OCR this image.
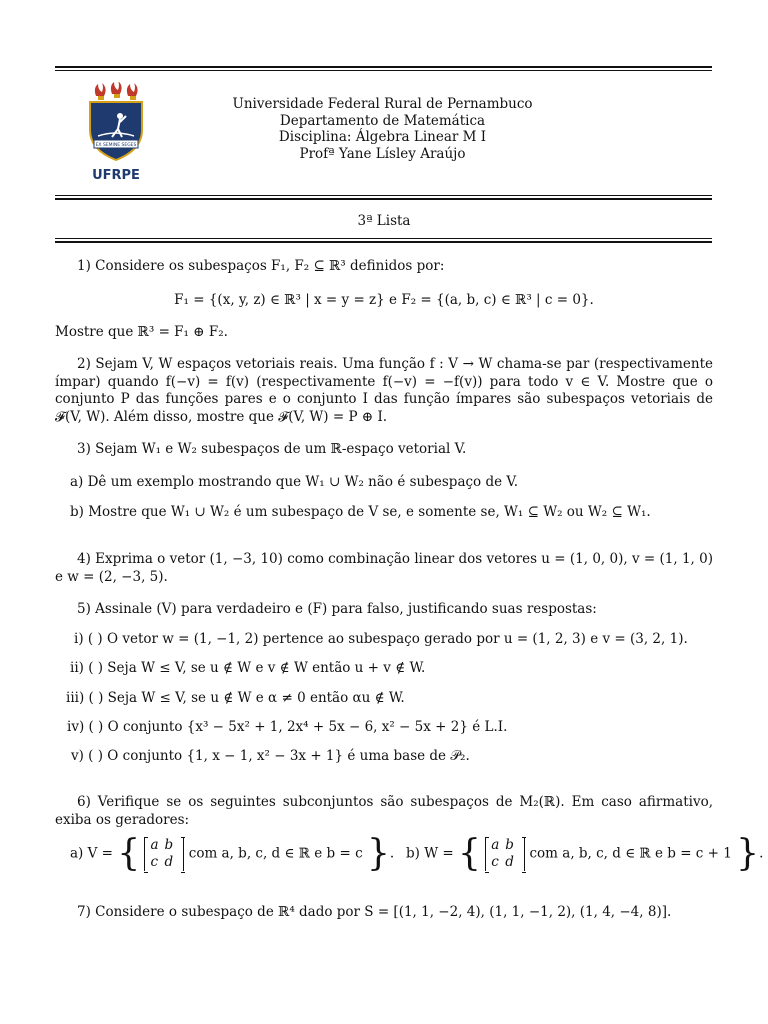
EX SEMINE SEGES
UFRPE
Universidade Federal Rural de Pernambuco
Departamento de Matemática
Disciplina: Álgebra Linear M I
Profª Yane Lísley Araújo
3ª Lista
1) Considere os subespaços F₁, F₂ ⊆ ℝ³ definidos por:
F₁ = {(x, y, z) ∈ ℝ³ | x = y = z} e F₂ = {(a, b, c) ∈ ℝ³ | c = 0}.
Mostre que ℝ³ = F₁ ⊕ F₂.
2) Sejam V, W espaços vetoriais reais. Uma função f : V → W chama-se par (respectivamente ímpar) quando f(−v) = f(v) (respectivamente f(−v) = −f(v)) para todo v ∈ V. Mostre que o conjunto P das funções pares e o conjunto I das função ímpares são subespaços vetoriais de 𝓕(V, W). Além disso, mostre que 𝓕(V, W) = P ⊕ I.
3) Sejam W₁ e W₂ subespaços de um ℝ-espaço vetorial V.
a) Dê um exemplo mostrando que W₁ ∪ W₂ não é subespaço de V.
b) Mostre que W₁ ∪ W₂ é um subespaço de V se, e somente se, W₁ ⊆ W₂ ou W₂ ⊆ W₁.
4) Exprima o vetor (1, −3, 10) como combinação linear dos vetores u = (1, 0, 0), v = (1, 1, 0) e w = (2, −3, 5).
5) Assinale (V) para verdadeiro e (F) para falso, justificando suas respostas:
i) ( ) O vetor w = (1, −1, 2) pertence ao subespaço gerado por u = (1, 2, 3) e v = (3, 2, 1).
ii) ( ) Seja W ≤ V, se u ∉ W e v ∉ W então u + v ∉ W.
iii) ( ) Seja W ≤ V, se u ∉ W e α ≠ 0 então αu ∉ W.
iv) ( ) O conjunto {x³ − 5x² + 1, 2x⁴ + 5x − 6, x² − 5x + 2} é L.I.
v) ( ) O conjunto {1, x − 1, x² − 3x + 1} é uma base de 𝒫₂.
6) Verifique se os seguintes subconjuntos são subespaços de M₂(ℝ). Em caso afirmativo, exiba os geradores:
a) V = { a b
c d com a, b, c, d ∈ ℝ e b = c }. b) W = { a b
c d com a, b, c, d ∈ ℝ e b = c + 1 }.
7) Considere o subespaço de ℝ⁴ dado por S = [(1, 1, −2, 4), (1, 1, −1, 2), (1, 4, −4, 8)].
